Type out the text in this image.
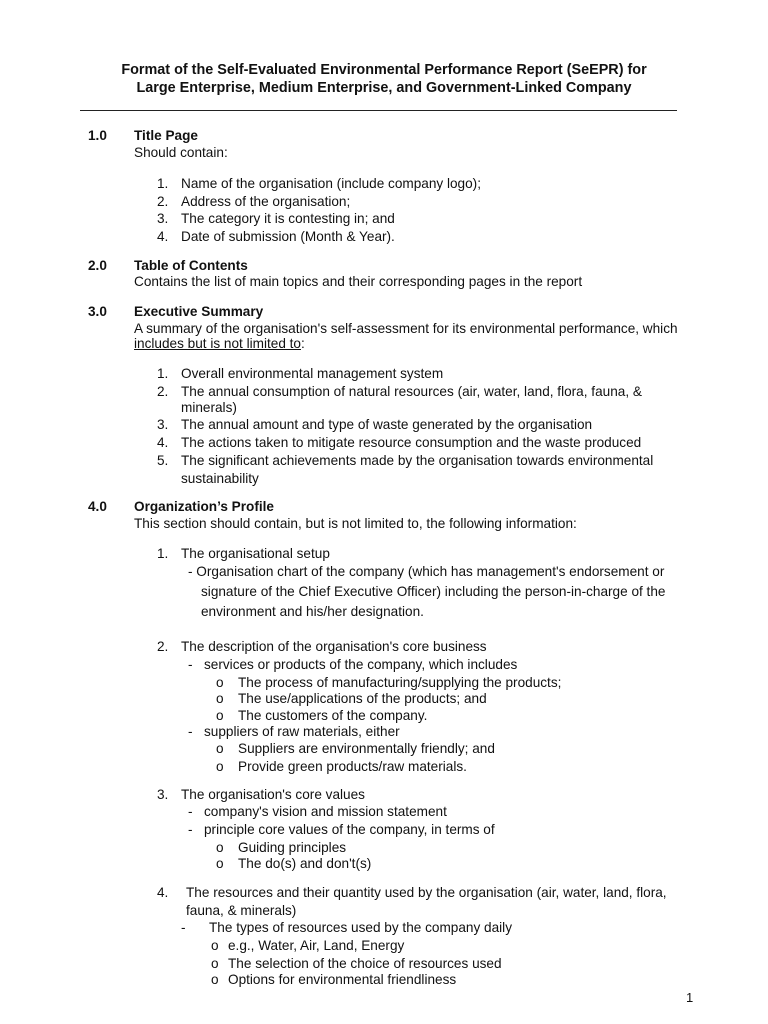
Format of the Self-Evaluated Environmental Performance Report (SeEPR) for
Large Enterprise, Medium Enterprise, and Government-Linked Company
1.0 Title Page
Should contain:
1. Name of the organisation (include company logo);
2. Address of the organisation;
3. The category it is contesting in; and
4. Date of submission (Month & Year).
2.0 Table of Contents
Contains the list of main topics and their corresponding pages in the report
3.0 Executive Summary
A summary of the organisation's self-assessment for its environmental performance, which
includes but is not limited to:
1. Overall environmental management system
2. The annual consumption of natural resources (air, water, land, flora, fauna, &
minerals)
3. The annual amount and type of waste generated by the organisation
4. The actions taken to mitigate resource consumption and the waste produced
5. The significant achievements made by the organisation towards environmental
sustainability
4.0 Organization’s Profile
This section should contain, but is not limited to, the following information:
1. The organisational setup
- Organisation chart of the company (which has management's endorsement or
signature of the Chief Executive Officer) including the person-in-charge of the
environment and his/her designation.
2. The description of the organisation's core business
- services or products of the company, which includes
o The process of manufacturing/supplying the products;
o The use/applications of the products; and
o The customers of the company.
- suppliers of raw materials, either
o Suppliers are environmentally friendly; and
o Provide green products/raw materials.
3. The organisation's core values
- company's vision and mission statement
- principle core values of the company, in terms of
o Guiding principles
o The do(s) and don't(s)
4. The resources and their quantity used by the organisation (air, water, land, flora,
fauna, & minerals)
- The types of resources used by the company daily
o e.g., Water, Air, Land, Energy
o The selection of the choice of resources used
o Options for environmental friendliness
1
